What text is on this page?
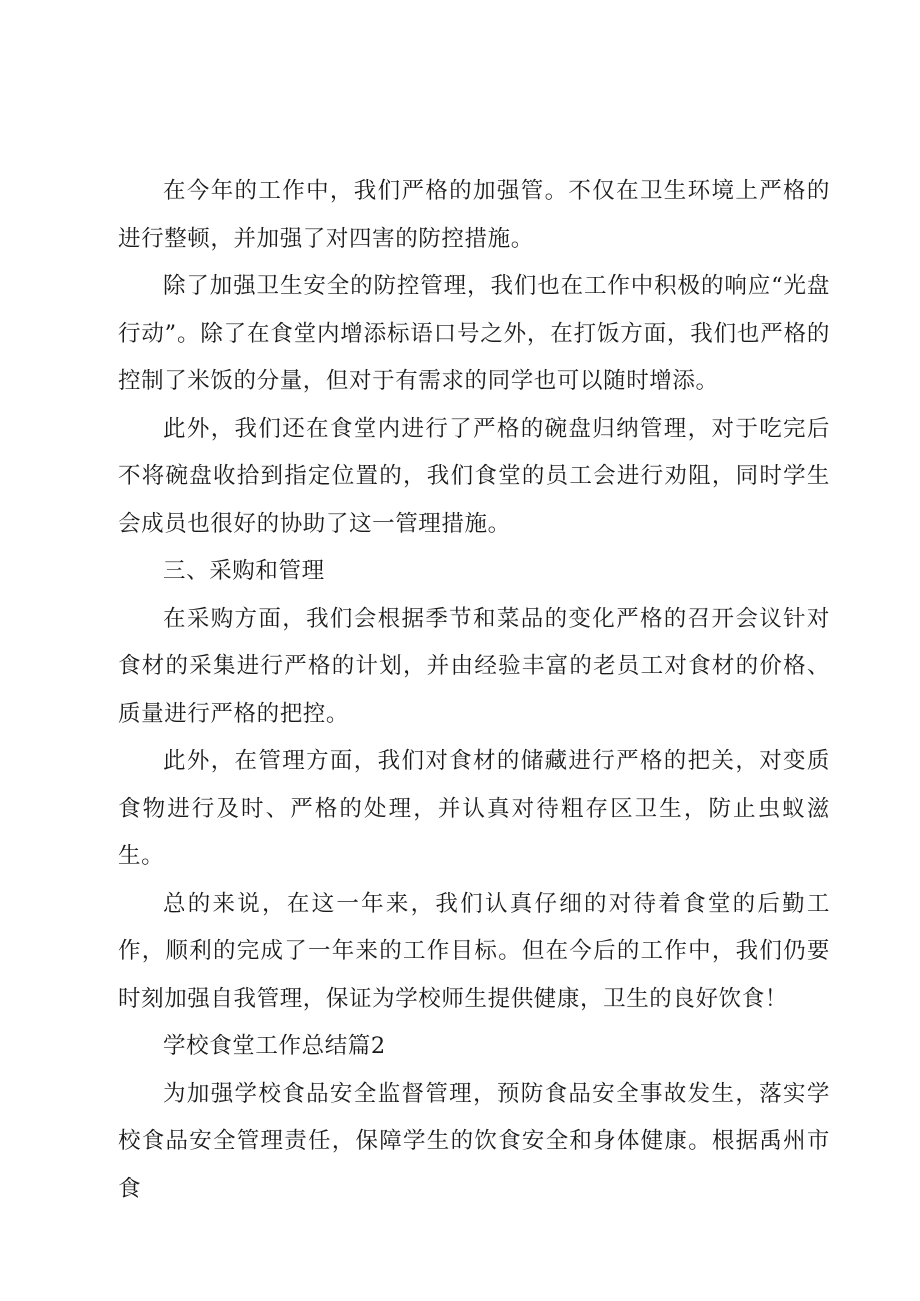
在今年的工作中，我们严格的加强管。不仅在卫生环境上严格的进行整顿，并加强了对四害的防控措施。

除了加强卫生安全的防控管理，我们也在工作中积极的响应“光盘行动”。除了在食堂内增添标语口号之外，在打饭方面，我们也严格的控制了米饭的分量，但对于有需求的同学也可以随时增添。

此外，我们还在食堂内进行了严格的碗盘归纳管理，对于吃完后不将碗盘收拾到指定位置的，我们食堂的员工会进行劝阻，同时学生会成员也很好的协助了这一管理措施。

三、采购和管理

在采购方面，我们会根据季节和菜品的变化严格的召开会议针对食材的采集进行严格的计划，并由经验丰富的老员工对食材的价格、质量进行严格的把控。

此外，在管理方面，我们对食材的储藏进行严格的把关，对变质食物进行及时、严格的处理，并认真对待粗存区卫生，防止虫蚁滋生。

总的来说，在这一年来，我们认真仔细的对待着食堂的后勤工作，顺利的完成了一年来的工作目标。但在今后的工作中，我们仍要时刻加强自我管理，保证为学校师生提供健康，卫生的良好饮食！

学校食堂工作总结篇2

为加强学校食品安全监督管理，预防食品安全事故发生，落实学校食品安全管理责任，保障学生的饮食安全和身体健康。根据禹州市食
